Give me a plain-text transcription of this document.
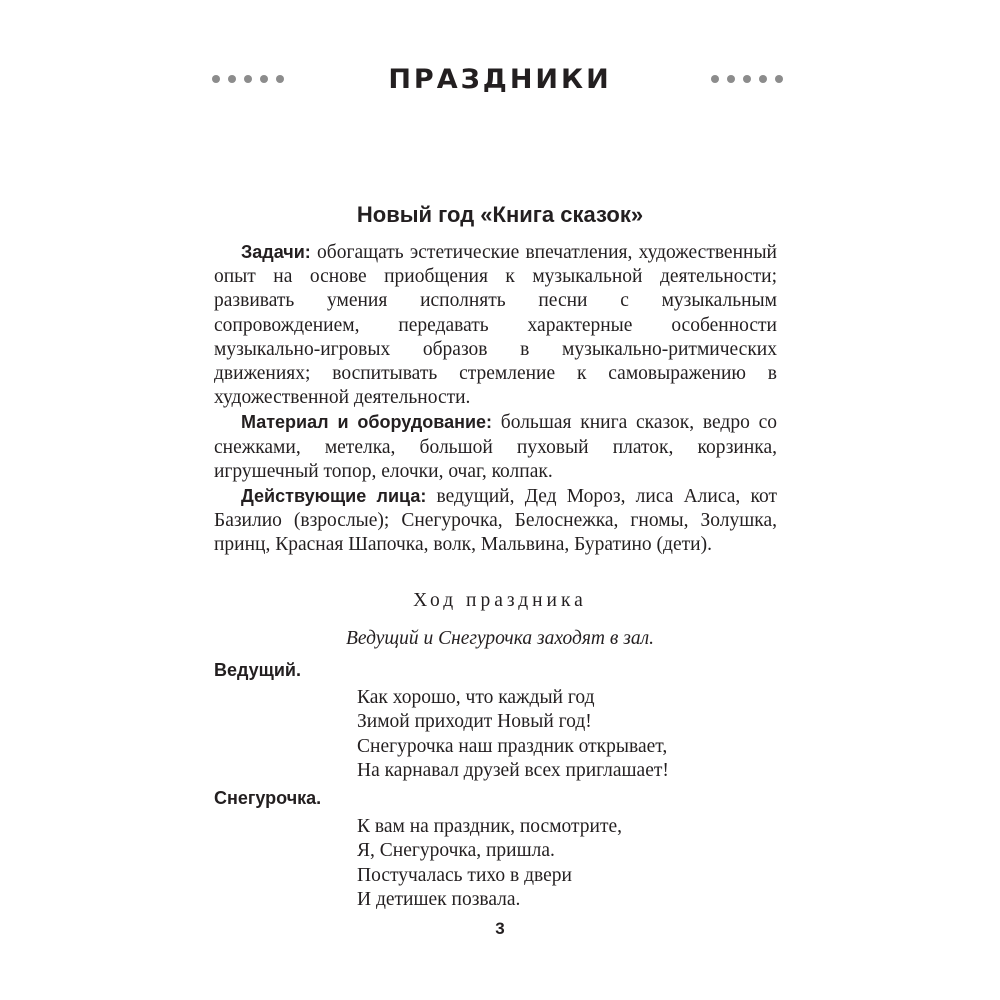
ПРАЗДНИКИ
Новый год «Книга сказок»

Задачи: обогащать эстетические впечатления, художественный опыт на основе приобщения к музыкальной деятельности; развивать умения исполнять песни с музыкальным сопровождением, передавать характерные особенности музыкально-игровых образов в музыкально-ритмических движениях; воспитывать стремление к самовыражению в художественной деятельности.

Материал и оборудование: большая книга сказок, ведро со снежками, метелка, большой пуховый платок, корзинка, игрушечный топор, елочки, очаг, колпак.

Действующие лица: ведущий, Дед Мороз, лиса Алиса, кот Базилио (взрослые); Снегурочка, Белоснежка, гномы, Золушка, принц, Красная Шапочка, волк, Мальвина, Буратино (дети).

Ход праздника
Ведущий и Снегурочка заходят в зал.
Ведущий.
Как хорошо, что каждый год
Зимой приходит Новый год!
Снегурочка наш праздник открывает,
На карнавал друзей всех приглашает!
Снегурочка.
К вам на праздник, посмотрите,
Я, Снегурочка, пришла.
Постучалась тихо в двери
И детишек позвала.
3
